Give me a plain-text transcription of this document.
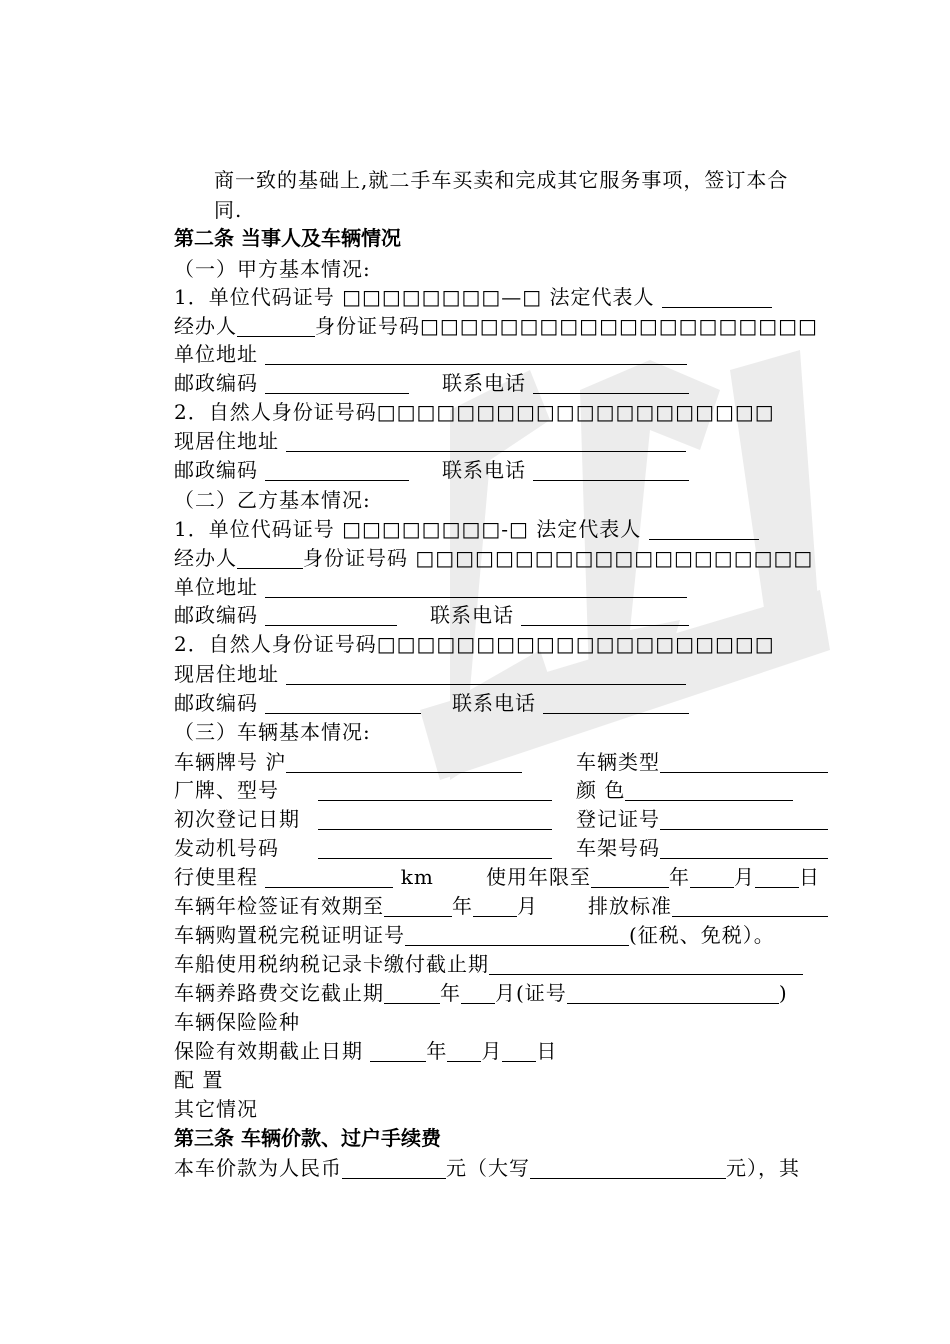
商一致的基础上,就二手车买卖和完成其它服务事项，签订本合
同.
第二条 当事人及车辆情况
（一）甲方基本情况:
1．单位代码证号 □□□□□□□□—□ 法定代表人
经办人	身份证号码□□□□□□□□□□□□□□□□□□□□
单位地址
邮政编码	联系电话
2．自然人身份证号码□□□□□□□□□□□□□□□□□□□□
现居住地址
邮政编码	联系电话
（二）乙方基本情况:
1．单位代码证号 □□□□□□□□-□ 法定代表人
经办人	身份证号码 □□□□□□□□□□□□□□□□□□□□
单位地址
邮政编码	联系电话
2．自然人身份证号码□□□□□□□□□□□□□□□□□□□□
现居住地址
邮政编码	联系电话
（三）车辆基本情况:
车辆牌号 沪	车辆类型
厂牌、型号	颜 色
初次登记日期	登记证号
发动机号码	车架号码
行使里程	km	使用年限至	年 月 日
车辆年检签证有效期至	年 月	排放标准
车辆购置税完税证明证号	(征税、免税）。
车船使用税纳税记录卡缴付截止期
车辆养路费交讫截止期	年 月(证号	)
车辆保险险种
保险有效期截止日期	年 月 日
配 置
其它情况
第三条 车辆价款、过户手续费
本车价款为人民币	元（大写	元），其
